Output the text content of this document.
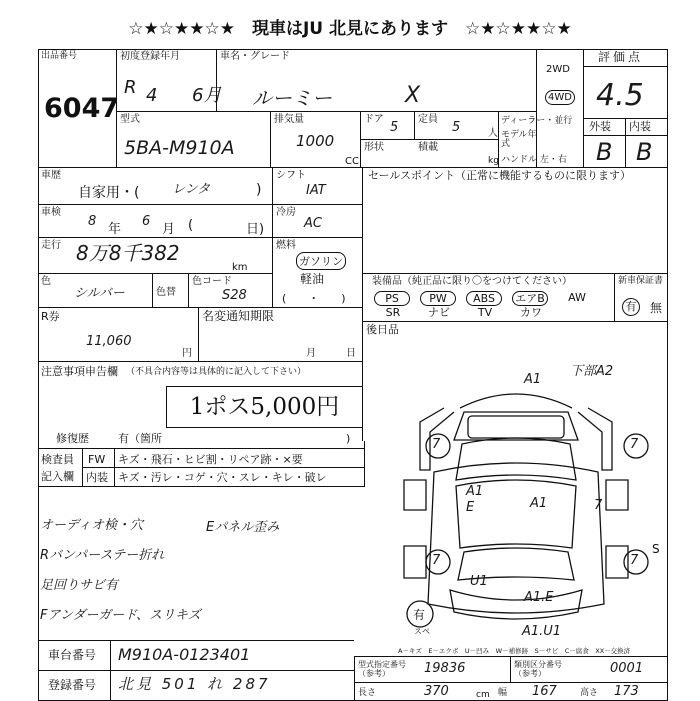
☆★☆★★☆★　現車はJU 北見にあります　☆★☆★★☆★
出品番号
6047
初度登録年月
R 4 6月
車名・グレード
ルーミー	X
2WD
4WD
評価点
4.5
型式
5BA-M910A
排気量
1000
CC
ドア
5
定員
5	人
形状	積載
kg
ディーラー・並行
モデル年式
ハンドル 左・右
外装 内装
B B
車歴
自家用・(	レンタ	)
車検
8
年
6
月 (	日)
走行 8万8千382
km
色
シルバー	色替
色コード
S28
シフト
IAT
冷房
AC
燃料
ガソリン
軽油
(　　・　　)
セールスポイント（正常に機能するものに限ります）
装備品（純正品に限り〇をつけてください）	新車保証書
有 無
PS	PW	ABS	エアB	AW
SR	ナビ	TV	カワ
後日品
R券
11,060
円
名変通知期限
月	日
注意事項申告欄 （不具合内容等は具体的に記入して下さい）
1ポス5,000円
修復歴	有（箇所	)
検査員
記入欄
FW キズ・飛石・ヒビ割・リペア跡・×要
内装 キズ・汚レ・コゲ・穴・スレ・キレ・破レ
オーディオ検・穴
Rバンパーステー折れ
足回りサビ有
Fアンダーガード、スリキズ
A1
下部A2
A1
A1
E	7
7	7
7	7
U1
A1.E
A1.U1
S
有
スペ
Eパネル歪み
A－キズ　E－エクボ　U－凹み　W－補修跡　S－サビ　C－腐食　XX－交換済
車台番号 M910A-0123401
登録番号 北見 501 れ 287
型式指定番号（参考）	19836	類別区分番号（参考）	0001
長さ	370	cm 幅 167	高さ 173
